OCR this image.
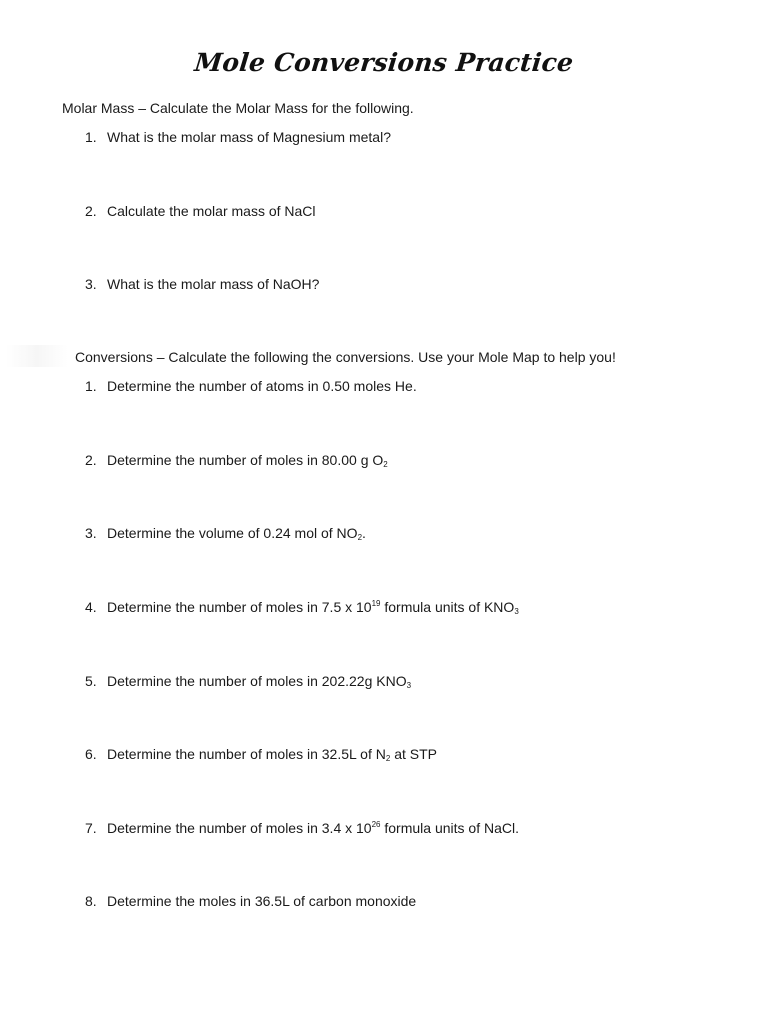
Mole Conversions Practice
Molar Mass – Calculate the Molar Mass for the following.
1. What is the molar mass of Magnesium metal?
2. Calculate the molar mass of NaCl
3. What is the molar mass of NaOH?
Conversions – Calculate the following the conversions. Use your Mole Map to help you!
1. Determine the number of atoms in 0.50 moles He.
2. Determine the number of moles in 80.00 g $O_2$
3. Determine the volume of 0.24 mol of $NO_2$.
4. Determine the number of moles in 7.5 x $10^{19}$ formula units of $KNO_3$
5. Determine the number of moles in 202.22g $KNO_3$
6. Determine the number of moles in 32.5L of $N_2$ at STP
7. Determine the number of moles in 3.4 x $10^{26}$ formula units of NaCl.
8. Determine the moles in 36.5L of carbon monoxide
